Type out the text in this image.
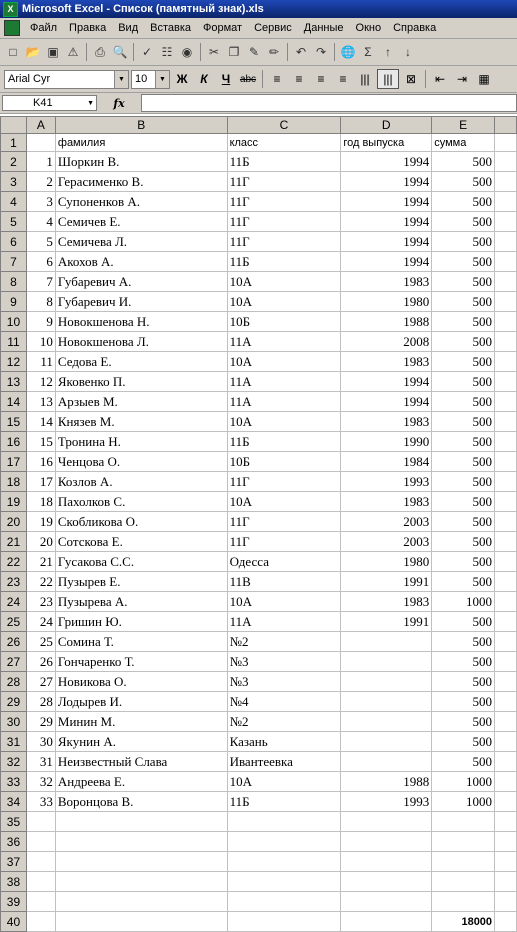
X Microsoft Excel - Список (памятный знак).xls
Файл	Правка	Вид	Вставка	Формат	Сервис	Данные	Окно	Справка
□ 📂 ▣ ⚠	⎙ 🔍	✓ ☷ ◉	✂ ❐ ✎ ✏	↶ ↷	🌐 Σ	↑	↓
Arial Cyr	▼ 10	▼ Ж	К	Ч abc	≡	≡	≡	≡	|||	|||	⊠	⇤ ⇥ ▦
K41	▼	fx
	A	B	C	D	E	
1		фамилия	класс	год выпуска	сумма	
2	1	Шоркин В.	11Б	1994	500	
3	2	Герасименко В.	11Г	1994	500	
4	3	Супоненков А.	11Г	1994	500	
5	4	Семичев Е.	11Г	1994	500	
6	5	Семичева Л.	11Г	1994	500	
7	6	Акохов А.	11Б	1994	500	
8	7	Губаревич А.	10А	1983	500	
9	8	Губаревич И.	10А	1980	500	
10	9	Новокшенова Н.	10Б	1988	500	
11	10	Новокшенова Л.	11А	2008	500	
12	11	Седова Е.	10А	1983	500	
13	12	Яковенко П.	11А	1994	500	
14	13	Арзыев М.	11А	1994	500	
15	14	Князев М.	10А	1983	500	
16	15	Тронина Н.	11Б	1990	500	
17	16	Ченцова О.	10Б	1984	500	
18	17	Козлов А.	11Г	1993	500	
19	18	Пахолков С.	10А	1983	500	
20	19	Скобликова О.	11Г	2003	500	
21	20	Сотскова Е.	11Г	2003	500	
22	21	Гусакова С.С.	Одесса	1980	500	
23	22	Пузырев Е.	11В	1991	500	
24	23	Пузырева А.	10А	1983	1000	
25	24	Гришин Ю.	11А	1991	500	
26	25	Сомина Т.	№2		500	
27	26	Гончаренко Т.	№3		500	
28	27	Новикова О.	№3		500	
29	28	Лодырев И.	№4		500	
30	29	Минин М.	№2		500	
31	30	Якунин А.	Казань		500	
32	31	Неизвестный Слава	Ивантеевка		500	
33	32	Андреева Е.	10А	1988	1000	
34	33	Воронцова В.	11Б	1993	1000	
35						
36						
37						
38						
39						
40					18000	
